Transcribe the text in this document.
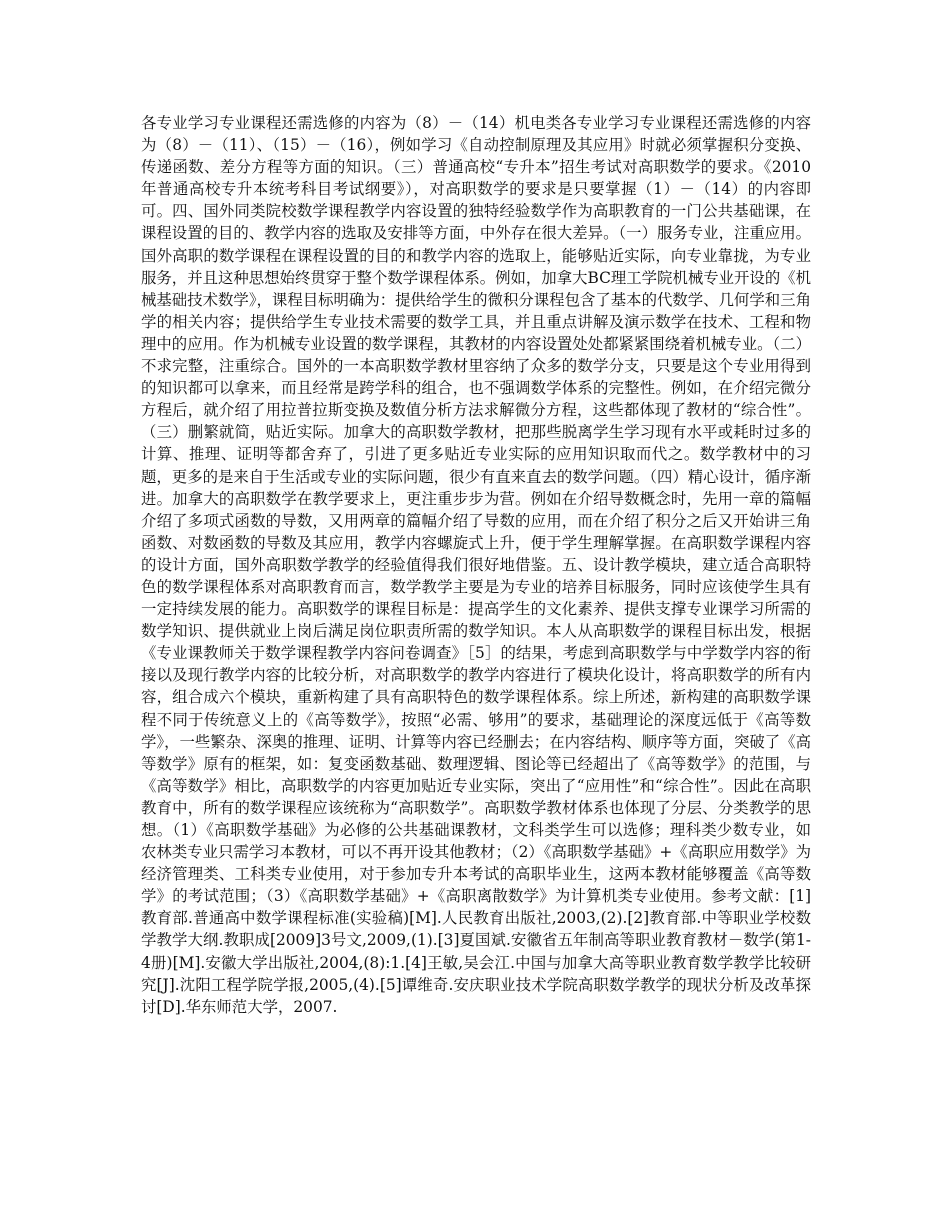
各专业学习专业课程还需选修的内容为（8）－（14）机电类各专业学习专业课程还需选修的内容为（8）－（11）、（15）－（16），例如学习《自动控制原理及其应用》时就必须掌握积分变换、传递函数、差分方程等方面的知识。（三）普通高校“专升本”招生考试对高职数学的要求。《2010年普通高校专升本统考科目考试纲要》），对高职数学的要求是只要掌握（1）－（14）的内容即可。四、国外同类院校数学课程教学内容设置的独特经验数学作为高职教育的一门公共基础课，在课程设置的目的、教学内容的选取及安排等方面，中外存在很大差异。（一）服务专业，注重应用。国外高职的数学课程在课程设置的目的和教学内容的选取上，能够贴近实际，向专业靠拢，为专业服务，并且这种思想始终贯穿于整个数学课程体系。例如，加拿大BC理工学院机械专业开设的《机械基础技术数学》，课程目标明确为：提供给学生的微积分课程包含了基本的代数学、几何学和三角学的相关内容；提供给学生专业技术需要的数学工具，并且重点讲解及演示数学在技术、工程和物理中的应用。作为机械专业设置的数学课程，其教材的内容设置处处都紧紧围绕着机械专业。（二）不求完整，注重综合。国外的一本高职数学教材里容纳了众多的数学分支，只要是这个专业用得到的知识都可以拿来，而且经常是跨学科的组合，也不强调数学体系的完整性。例如，在介绍完微分方程后，就介绍了用拉普拉斯变换及数值分析方法求解微分方程，这些都体现了教材的“综合性”。（三）删繁就简，贴近实际。加拿大的高职数学教材，把那些脱离学生学习现有水平或耗时过多的计算、推理、证明等都舍弃了，引进了更多贴近专业实际的应用知识取而代之。数学教材中的习题，更多的是来自于生活或专业的实际问题，很少有直来直去的数学问题。（四）精心设计，循序渐进。加拿大的高职数学在教学要求上，更注重步步为营。例如在介绍导数概念时，先用一章的篇幅介绍了多项式函数的导数，又用两章的篇幅介绍了导数的应用，而在介绍了积分之后又开始讲三角函数、对数函数的导数及其应用，教学内容螺旋式上升，便于学生理解掌握。在高职数学课程内容的设计方面，国外高职数学教学的经验值得我们很好地借鉴。五、设计教学模块，建立适合高职特色的数学课程体系对高职教育而言，数学教学主要是为专业的培养目标服务，同时应该使学生具有一定持续发展的能力。高职数学的课程目标是：提高学生的文化素养、提供支撑专业课学习所需的数学知识、提供就业上岗后满足岗位职责所需的数学知识。本人从高职数学的课程目标出发，根据《专业课教师关于数学课程教学内容问卷调查》［5］的结果，考虑到高职数学与中学数学内容的衔接以及现行教学内容的比较分析，对高职数学的教学内容进行了模块化设计，将高职数学的所有内容，组合成六个模块，重新构建了具有高职特色的数学课程体系。综上所述，新构建的高职数学课程不同于传统意义上的《高等数学》，按照“必需、够用”的要求，基础理论的深度远低于《高等数学》，一些繁杂、深奥的推理、证明、计算等内容已经删去；在内容结构、顺序等方面，突破了《高等数学》原有的框架，如：复变函数基础、数理逻辑、图论等已经超出了《高等数学》的范围，与《高等数学》相比，高职数学的内容更加贴近专业实际，突出了“应用性”和“综合性”。因此在高职教育中，所有的数学课程应该统称为“高职数学”。高职数学教材体系也体现了分层、分类教学的思想。（1）《高职数学基础》为必修的公共基础课教材，文科类学生可以选修；理科类少数专业，如农林类专业只需学习本教材，可以不再开设其他教材；（2）《高职数学基础》+《高职应用数学》为经济管理类、工科类专业使用，对于参加专升本考试的高职毕业生，这两本教材能够覆盖《高等数学》的考试范围；（3）《高职数学基础》+《高职离散数学》为计算机类专业使用。参考文献：[1]教育部.普通高中数学课程标准(实验稿)[M].人民教育出版社,2003,(2).[2]教育部.中等职业学校数学教学大纲.教职成[2009]3号文,2009,(1).[3]夏国斌.安徽省五年制高等职业教育教材－数学(第1-4册)[M].安徽大学出版社,2004,(8):1.[4]王敏,吴会江.中国与加拿大高等职业教育数学教学比较研究[J].沈阳工程学院学报,2005,(4).[5]谭维奇.安庆职业技术学院高职数学教学的现状分析及改革探讨[D].华东师范大学，2007.
